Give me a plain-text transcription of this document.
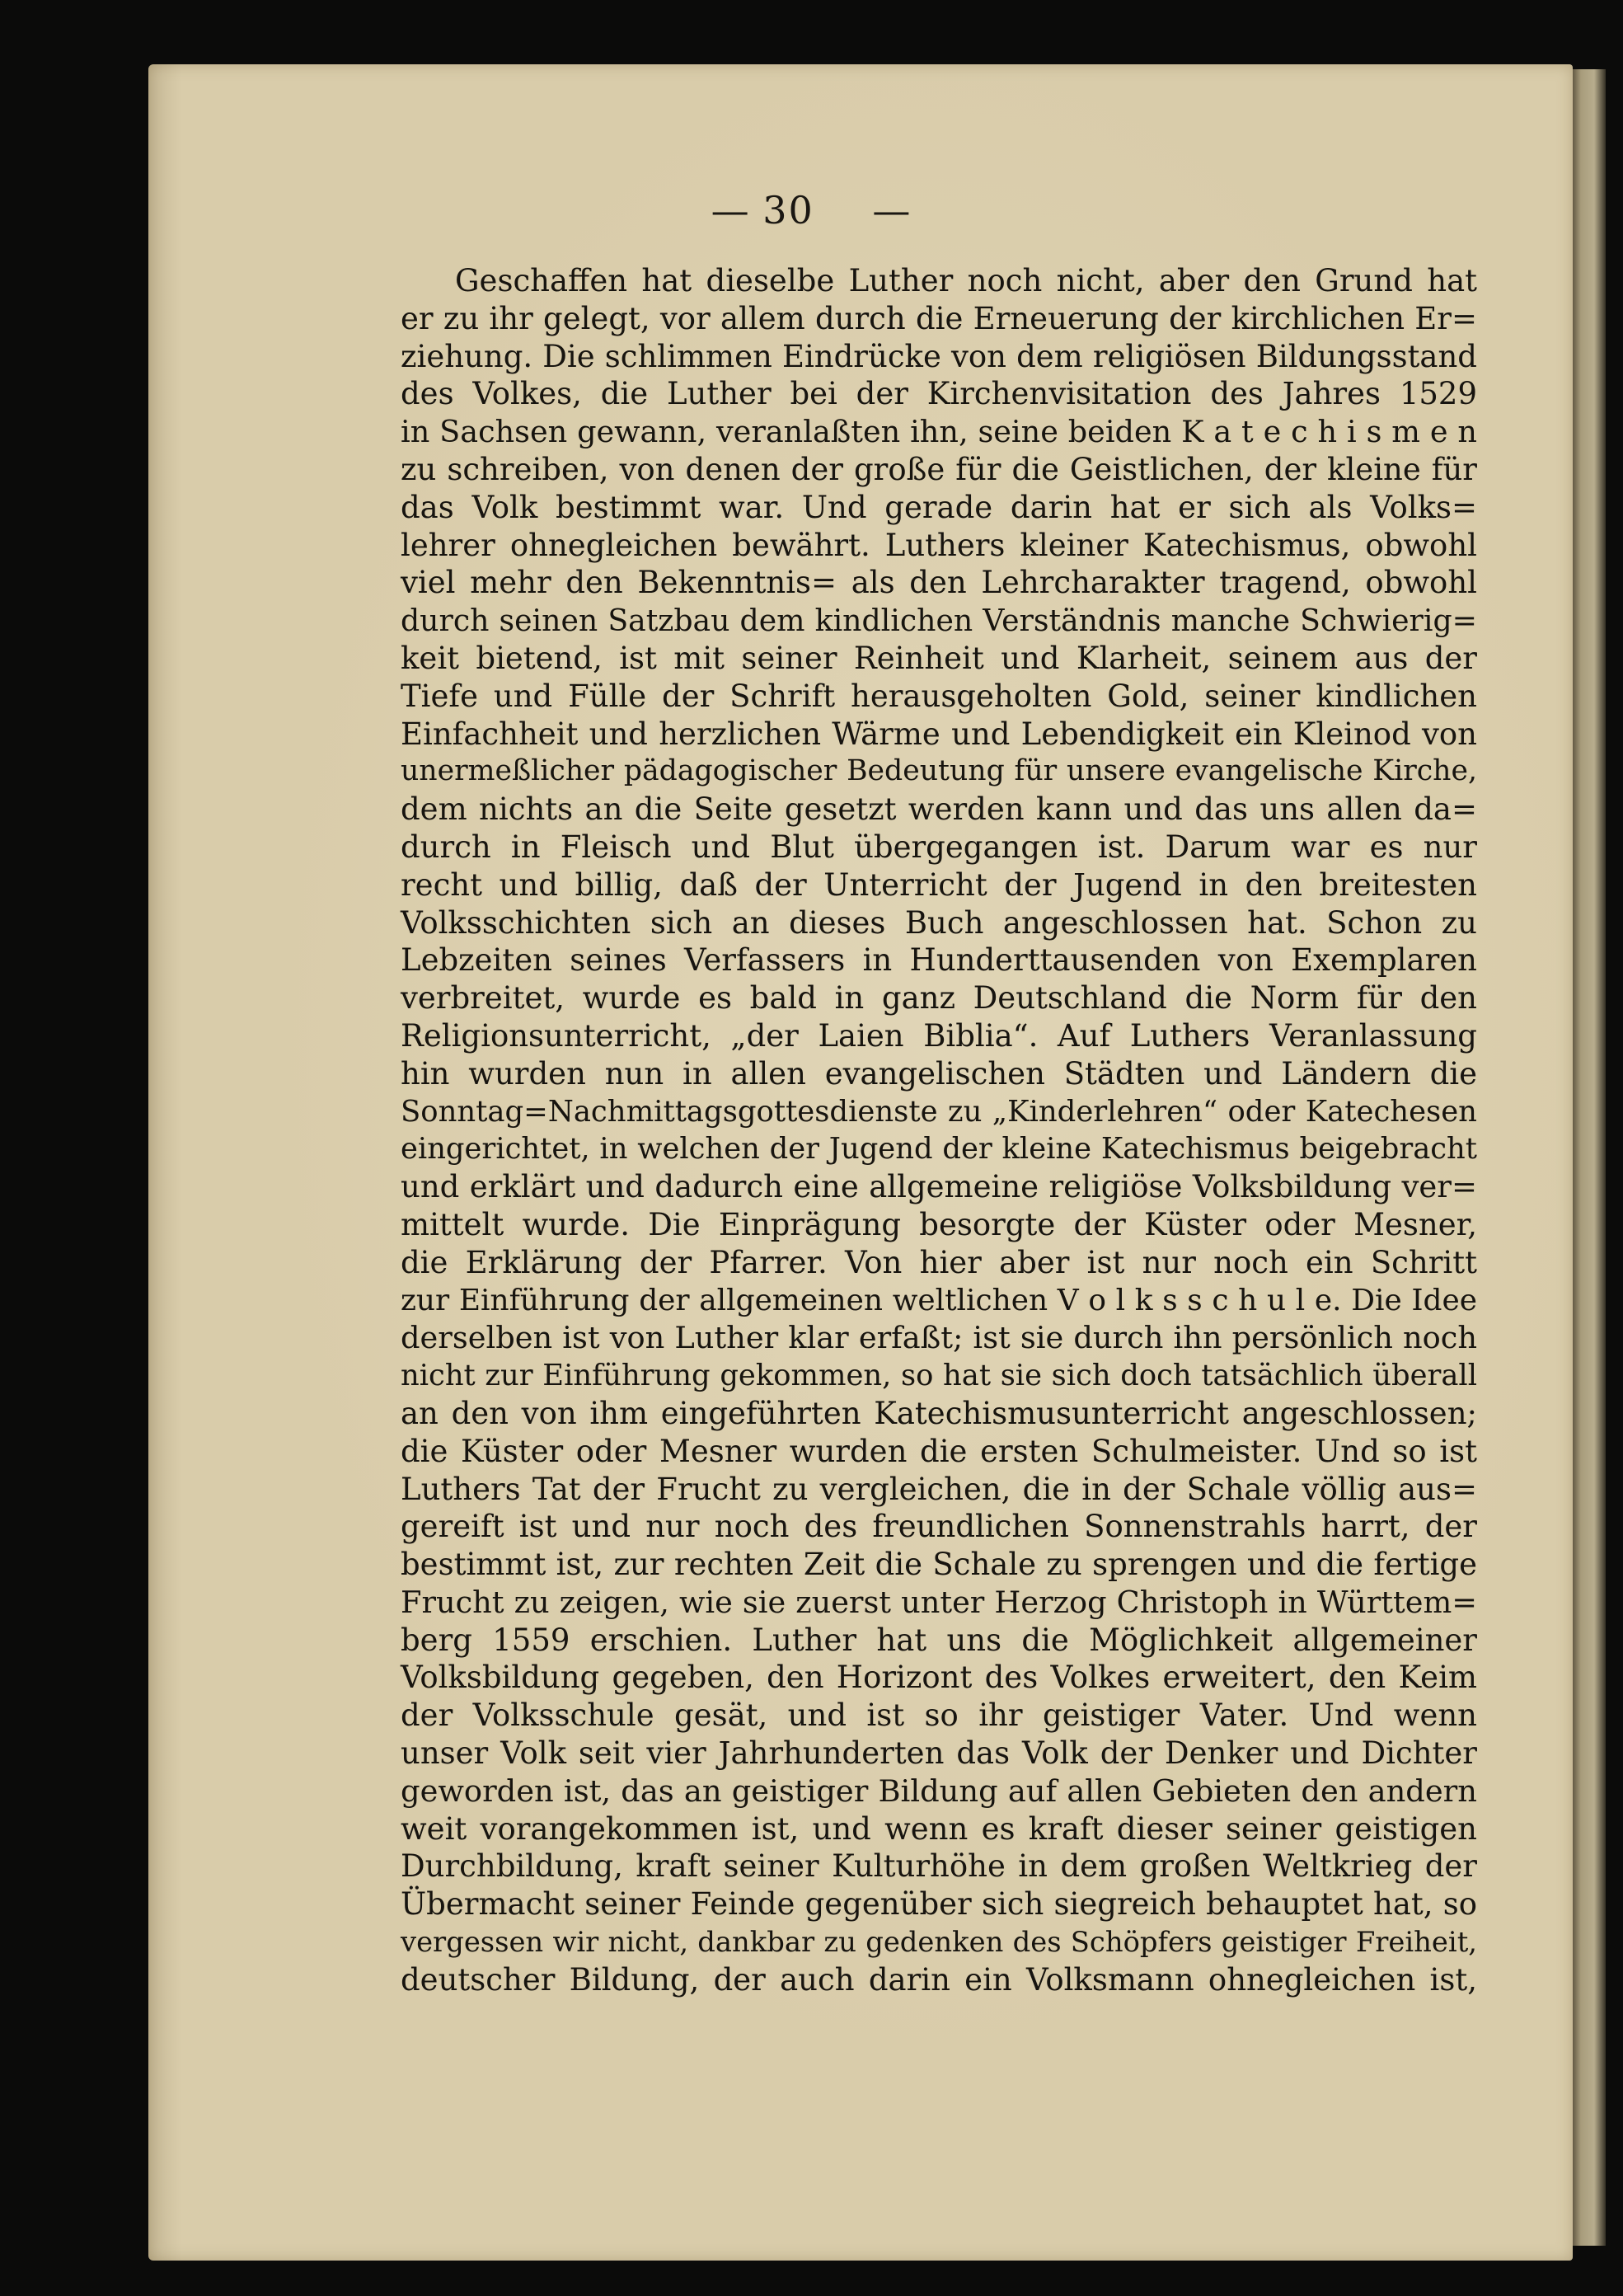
— 30 —
Geschaffen hat dieselbe Luther noch nicht, aber den Grund hat
er zu ihr gelegt, vor allem durch die Erneuerung der kirchlichen Er=
ziehung. Die schlimmen Eindrücke von dem religiösen Bildungsstand
des Volkes, die Luther bei der Kirchenvisitation des Jahres 1529
in Sachsen gewann, veranlaßten ihn, seine beiden K a t e c h i s m e n
zu schreiben, von denen der große für die Geistlichen, der kleine für
das Volk bestimmt war. Und gerade darin hat er sich als Volks=
lehrer ohnegleichen bewährt. Luthers kleiner Katechismus, obwohl
viel mehr den Bekenntnis= als den Lehrcharakter tragend, obwohl
durch seinen Satzbau dem kindlichen Verständnis manche Schwierig=
keit bietend, ist mit seiner Reinheit und Klarheit, seinem aus der
Tiefe und Fülle der Schrift herausgeholten Gold, seiner kindlichen
Einfachheit und herzlichen Wärme und Lebendigkeit ein Kleinod von
unermeßlicher pädagogischer Bedeutung für unsere evangelische Kirche,
dem nichts an die Seite gesetzt werden kann und das uns allen da=
durch in Fleisch und Blut übergegangen ist. Darum war es nur
recht und billig, daß der Unterricht der Jugend in den breitesten
Volksschichten sich an dieses Buch angeschlossen hat. Schon zu
Lebzeiten seines Verfassers in Hunderttausenden von Exemplaren
verbreitet, wurde es bald in ganz Deutschland die Norm für den
Religionsunterricht, „der Laien Biblia“. Auf Luthers Veranlassung
hin wurden nun in allen evangelischen Städten und Ländern die
Sonntag=Nachmittagsgottesdienste zu „Kinderlehren“ oder Katechesen
eingerichtet, in welchen der Jugend der kleine Katechismus beigebracht
und erklärt und dadurch eine allgemeine religiöse Volksbildung ver=
mittelt wurde. Die Einprägung besorgte der Küster oder Mesner,
die Erklärung der Pfarrer. Von hier aber ist nur noch ein Schritt
zur Einführung der allgemeinen weltlichen V o l k s s c h u l e. Die Idee
derselben ist von Luther klar erfaßt; ist sie durch ihn persönlich noch
nicht zur Einführung gekommen, so hat sie sich doch tatsächlich überall
an den von ihm eingeführten Katechismusunterricht angeschlossen;
die Küster oder Mesner wurden die ersten Schulmeister. Und so ist
Luthers Tat der Frucht zu vergleichen, die in der Schale völlig aus=
gereift ist und nur noch des freundlichen Sonnenstrahls harrt, der
bestimmt ist, zur rechten Zeit die Schale zu sprengen und die fertige
Frucht zu zeigen, wie sie zuerst unter Herzog Christoph in Württem=
berg 1559 erschien. Luther hat uns die Möglichkeit allgemeiner
Volksbildung gegeben, den Horizont des Volkes erweitert, den Keim
der Volksschule gesät, und ist so ihr geistiger Vater. Und wenn
unser Volk seit vier Jahrhunderten das Volk der Denker und Dichter
geworden ist, das an geistiger Bildung auf allen Gebieten den andern
weit vorangekommen ist, und wenn es kraft dieser seiner geistigen
Durchbildung, kraft seiner Kulturhöhe in dem großen Weltkrieg der
Übermacht seiner Feinde gegenüber sich siegreich behauptet hat, so
vergessen wir nicht, dankbar zu gedenken des Schöpfers geistiger Freiheit,
deutscher Bildung, der auch darin ein Volksmann ohnegleichen ist,
